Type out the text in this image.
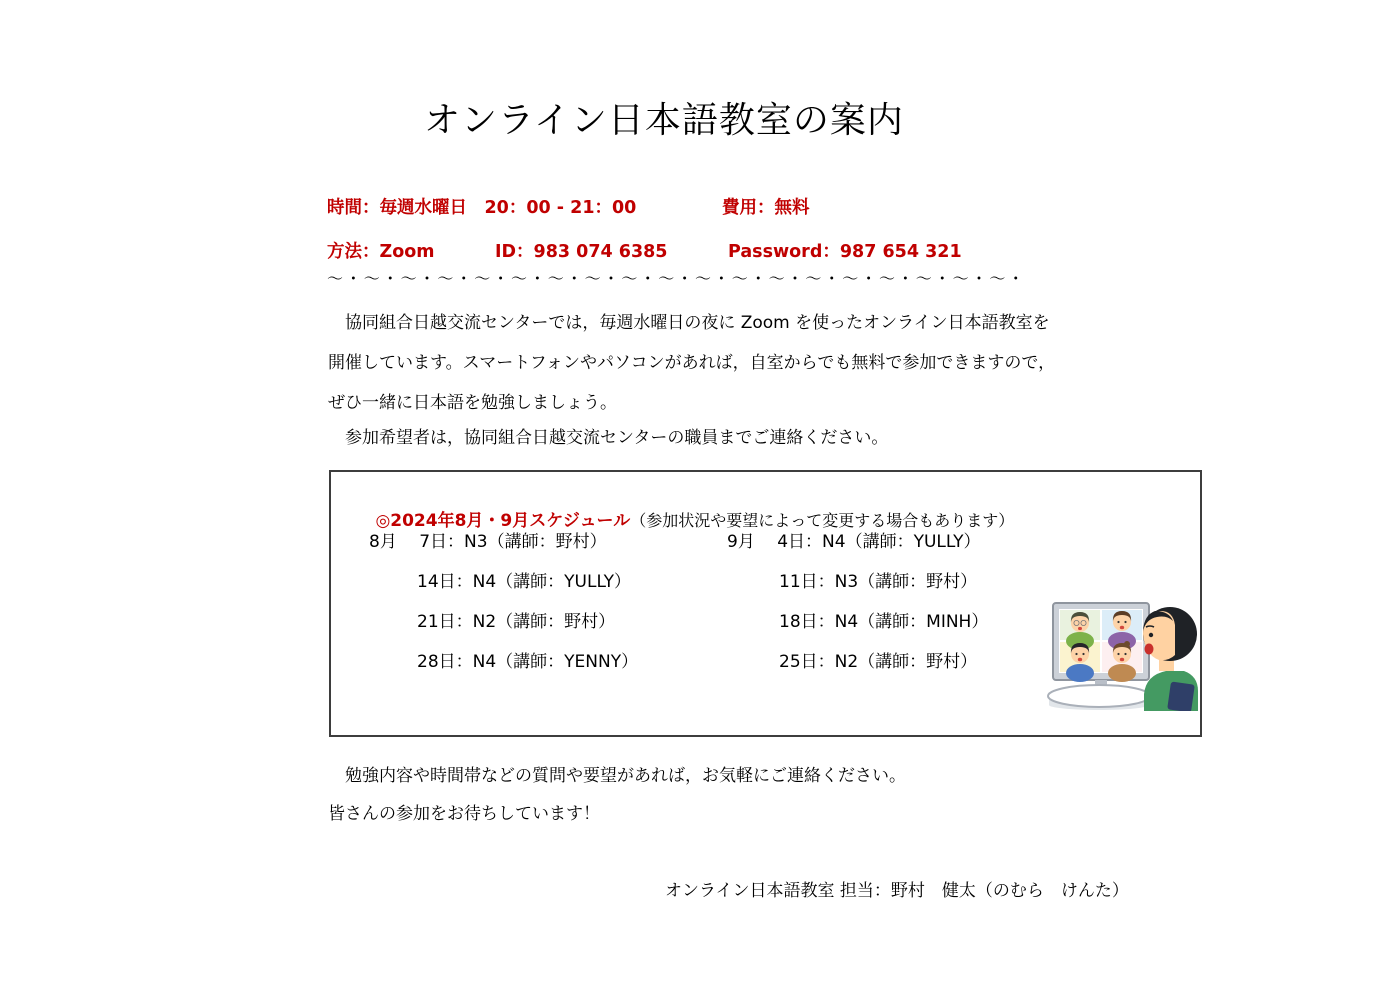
オンライン日本語教室の案内
時間：毎週水曜日　20：00 - 21：00	費用：無料
方法：Zoom	ID：983 074 6385	Password：987 654 321
～・～・～・～・～・～・～・～・～・～・～・～・～・～・～・～・～・～・～・
　協同組合日越交流センターでは，毎週水曜日の夜に Zoom を使ったオンライン日本語教室を
開催しています。スマートフォンやパソコンがあれば，自室からでも無料で参加できますので，
ぜひ一緒に日本語を勉強しましょう。
　参加希望者は，協同組合日越交流センターの職員までご連絡ください。

◎2024年8月・9月スケジュール（参加状況や要望によって変更する場合もあります）

8月　 7日：N3（講師：野村）
14日：N4（講師：YULLY）
21日：N2（講師：野村）
28日：N4（講師：YENNY）
9月　 4日：N4（講師：YULLY）
11日：N3（講師：野村）
18日：N4（講師：MINH）
25日：N2（講師：野村）
　勉強内容や時間帯などの質問や要望があれば，お気軽にご連絡ください。
皆さんの参加をお待ちしています！
オンライン日本語教室 担当：野村　健太（のむら　けんた）
